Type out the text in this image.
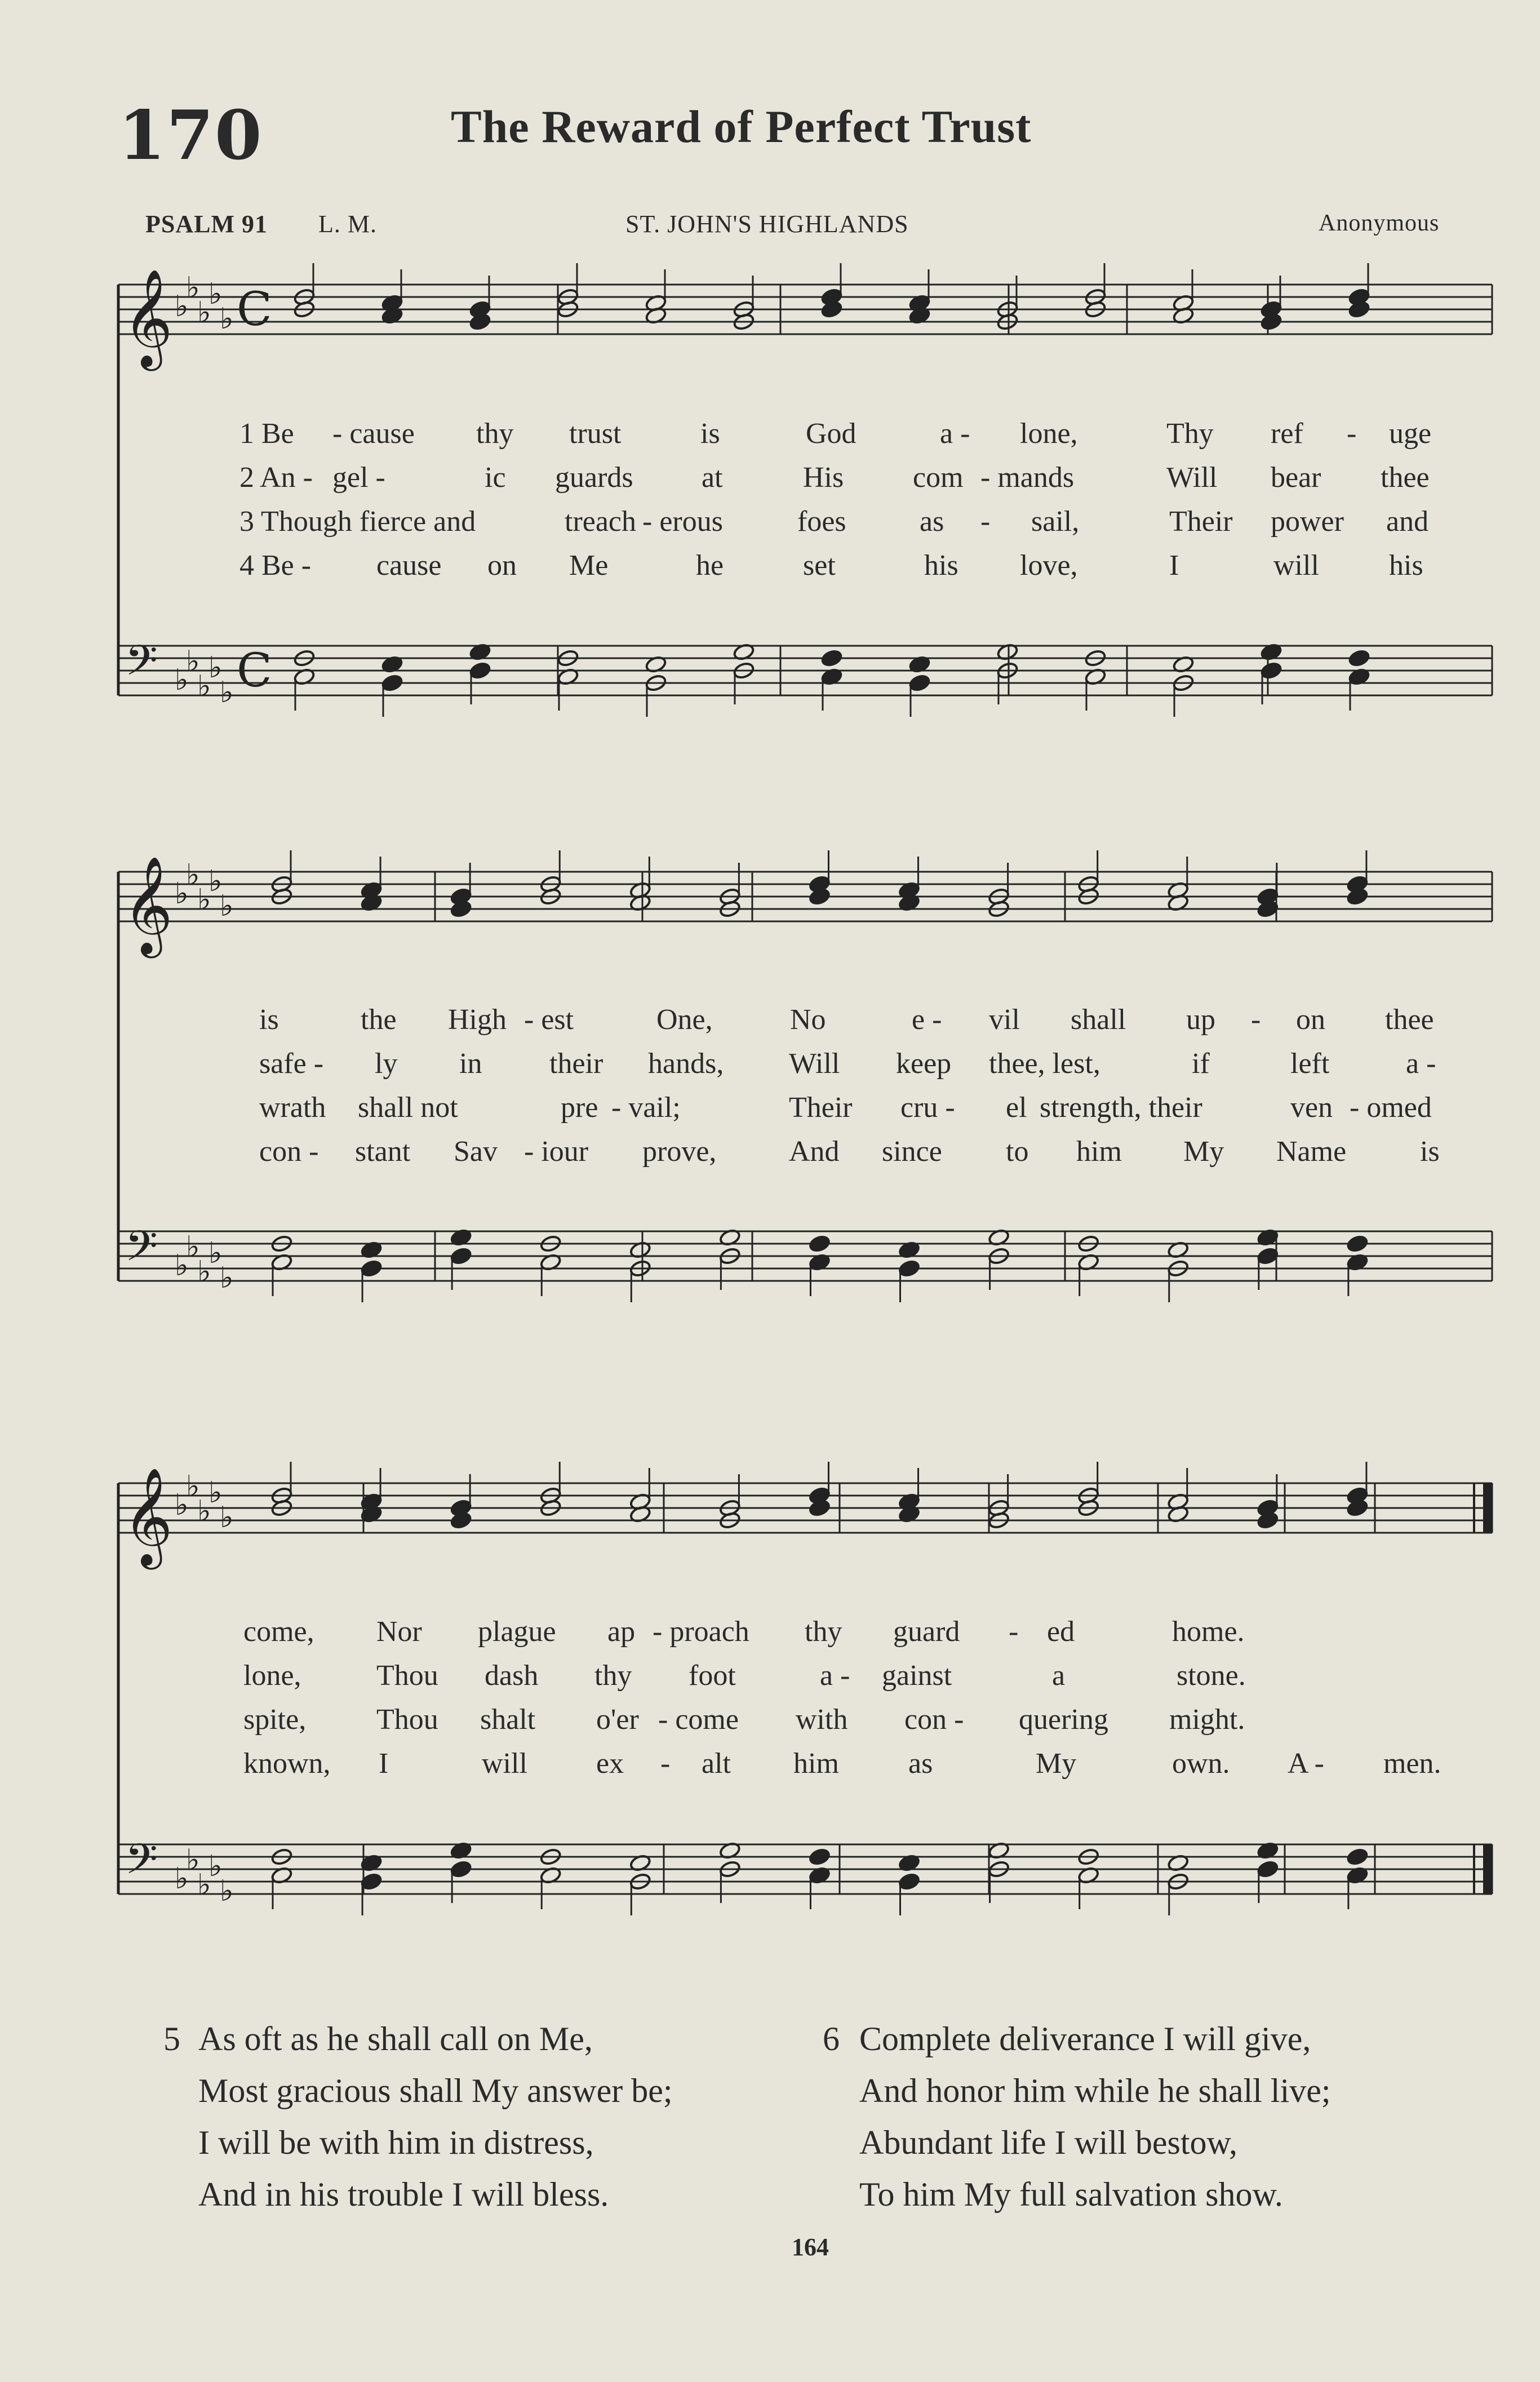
170	The Reward of Perfect Trust
PSALM 91 L. M.	ST. JOHN'S HIGHLANDS	Anonymous
𝄞
𝄢
♭
♭
♭
♭
♭
♭
♭
♭
♭
♭
C
C
𝄞
𝄢
♭
♭
♭
♭
♭
♭
♭
♭
♭
♭
𝄞
𝄢
♭
♭
♭
♭
♭
♭
♭
♭
♭
♭
1 Be - cause thy trust	is	God	a - lone,	Thy ref - uge
2 An - gel -	ic guards at	His com - mands	Will bear thee
3 Though fierce and	treach - erous	foes	as - sail,	Their power and
4 Be - cause on Me	he	set	his love,	I	will his
is	the High - est	One,	No	e - vil shall up - on thee
safe - ly in their hands, Will keep thee, lest,	if	left	a -
wrath shall not	pre - vail;	Their cru - el strength, their	ven - omed
con - stant Sav - iour prove, And since to him My Name	is
come, Nor plague ap - proach thy guard - ed	home.
lone,	Thou dash thy foot	a - gainst	a	stone.
spite, Thou shalt o'er - come with con - quering might.
known, I	will ex - alt him as	My	own. A - men.
5 As oft as he shall call on Me,
Most gracious shall My answer be;
I will be with him in distress,
And in his trouble I will bless.
6 Complete deliverance I will give,
And honor him while he shall live;
Abundant life I will bestow,
To him My full salvation show.
164
